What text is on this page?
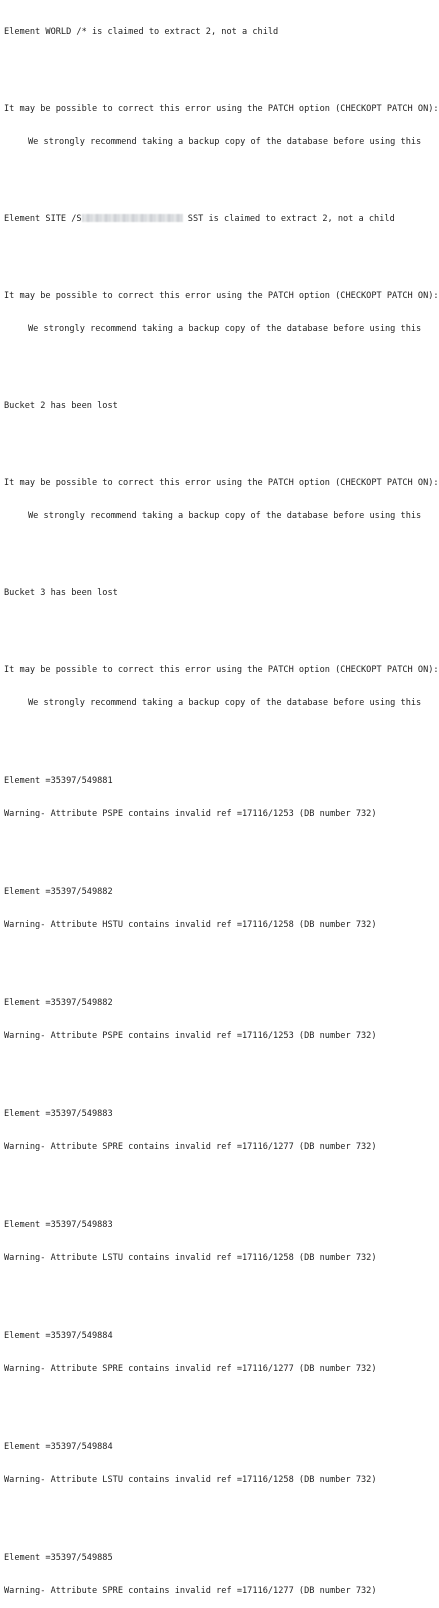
Element WORLD /* is claimed to extract 2, not a child

It may be possible to correct this error using the PATCH option (CHECKOPT PATCH ON):

We strongly recommend taking a backup copy of the database before using this

Element SITE /S	SST is claimed to extract 2, not a child

It may be possible to correct this error using the PATCH option (CHECKOPT PATCH ON):

We strongly recommend taking a backup copy of the database before using this

Bucket 2 has been lost

It may be possible to correct this error using the PATCH option (CHECKOPT PATCH ON):

We strongly recommend taking a backup copy of the database before using this

Bucket 3 has been lost

It may be possible to correct this error using the PATCH option (CHECKOPT PATCH ON):

We strongly recommend taking a backup copy of the database before using this

Element =35397/549881

Warning- Attribute PSPE contains invalid ref =17116/1253 (DB number 732)

Element =35397/549882

Warning- Attribute HSTU contains invalid ref =17116/1258 (DB number 732)

Element =35397/549882

Warning- Attribute PSPE contains invalid ref =17116/1253 (DB number 732)

Element =35397/549883

Warning- Attribute SPRE contains invalid ref =17116/1277 (DB number 732)

Element =35397/549883

Warning- Attribute LSTU contains invalid ref =17116/1258 (DB number 732)

Element =35397/549884

Warning- Attribute SPRE contains invalid ref =17116/1277 (DB number 732)

Element =35397/549884

Warning- Attribute LSTU contains invalid ref =17116/1258 (DB number 732)

Element =35397/549885

Warning- Attribute SPRE contains invalid ref =17116/1277 (DB number 732)
